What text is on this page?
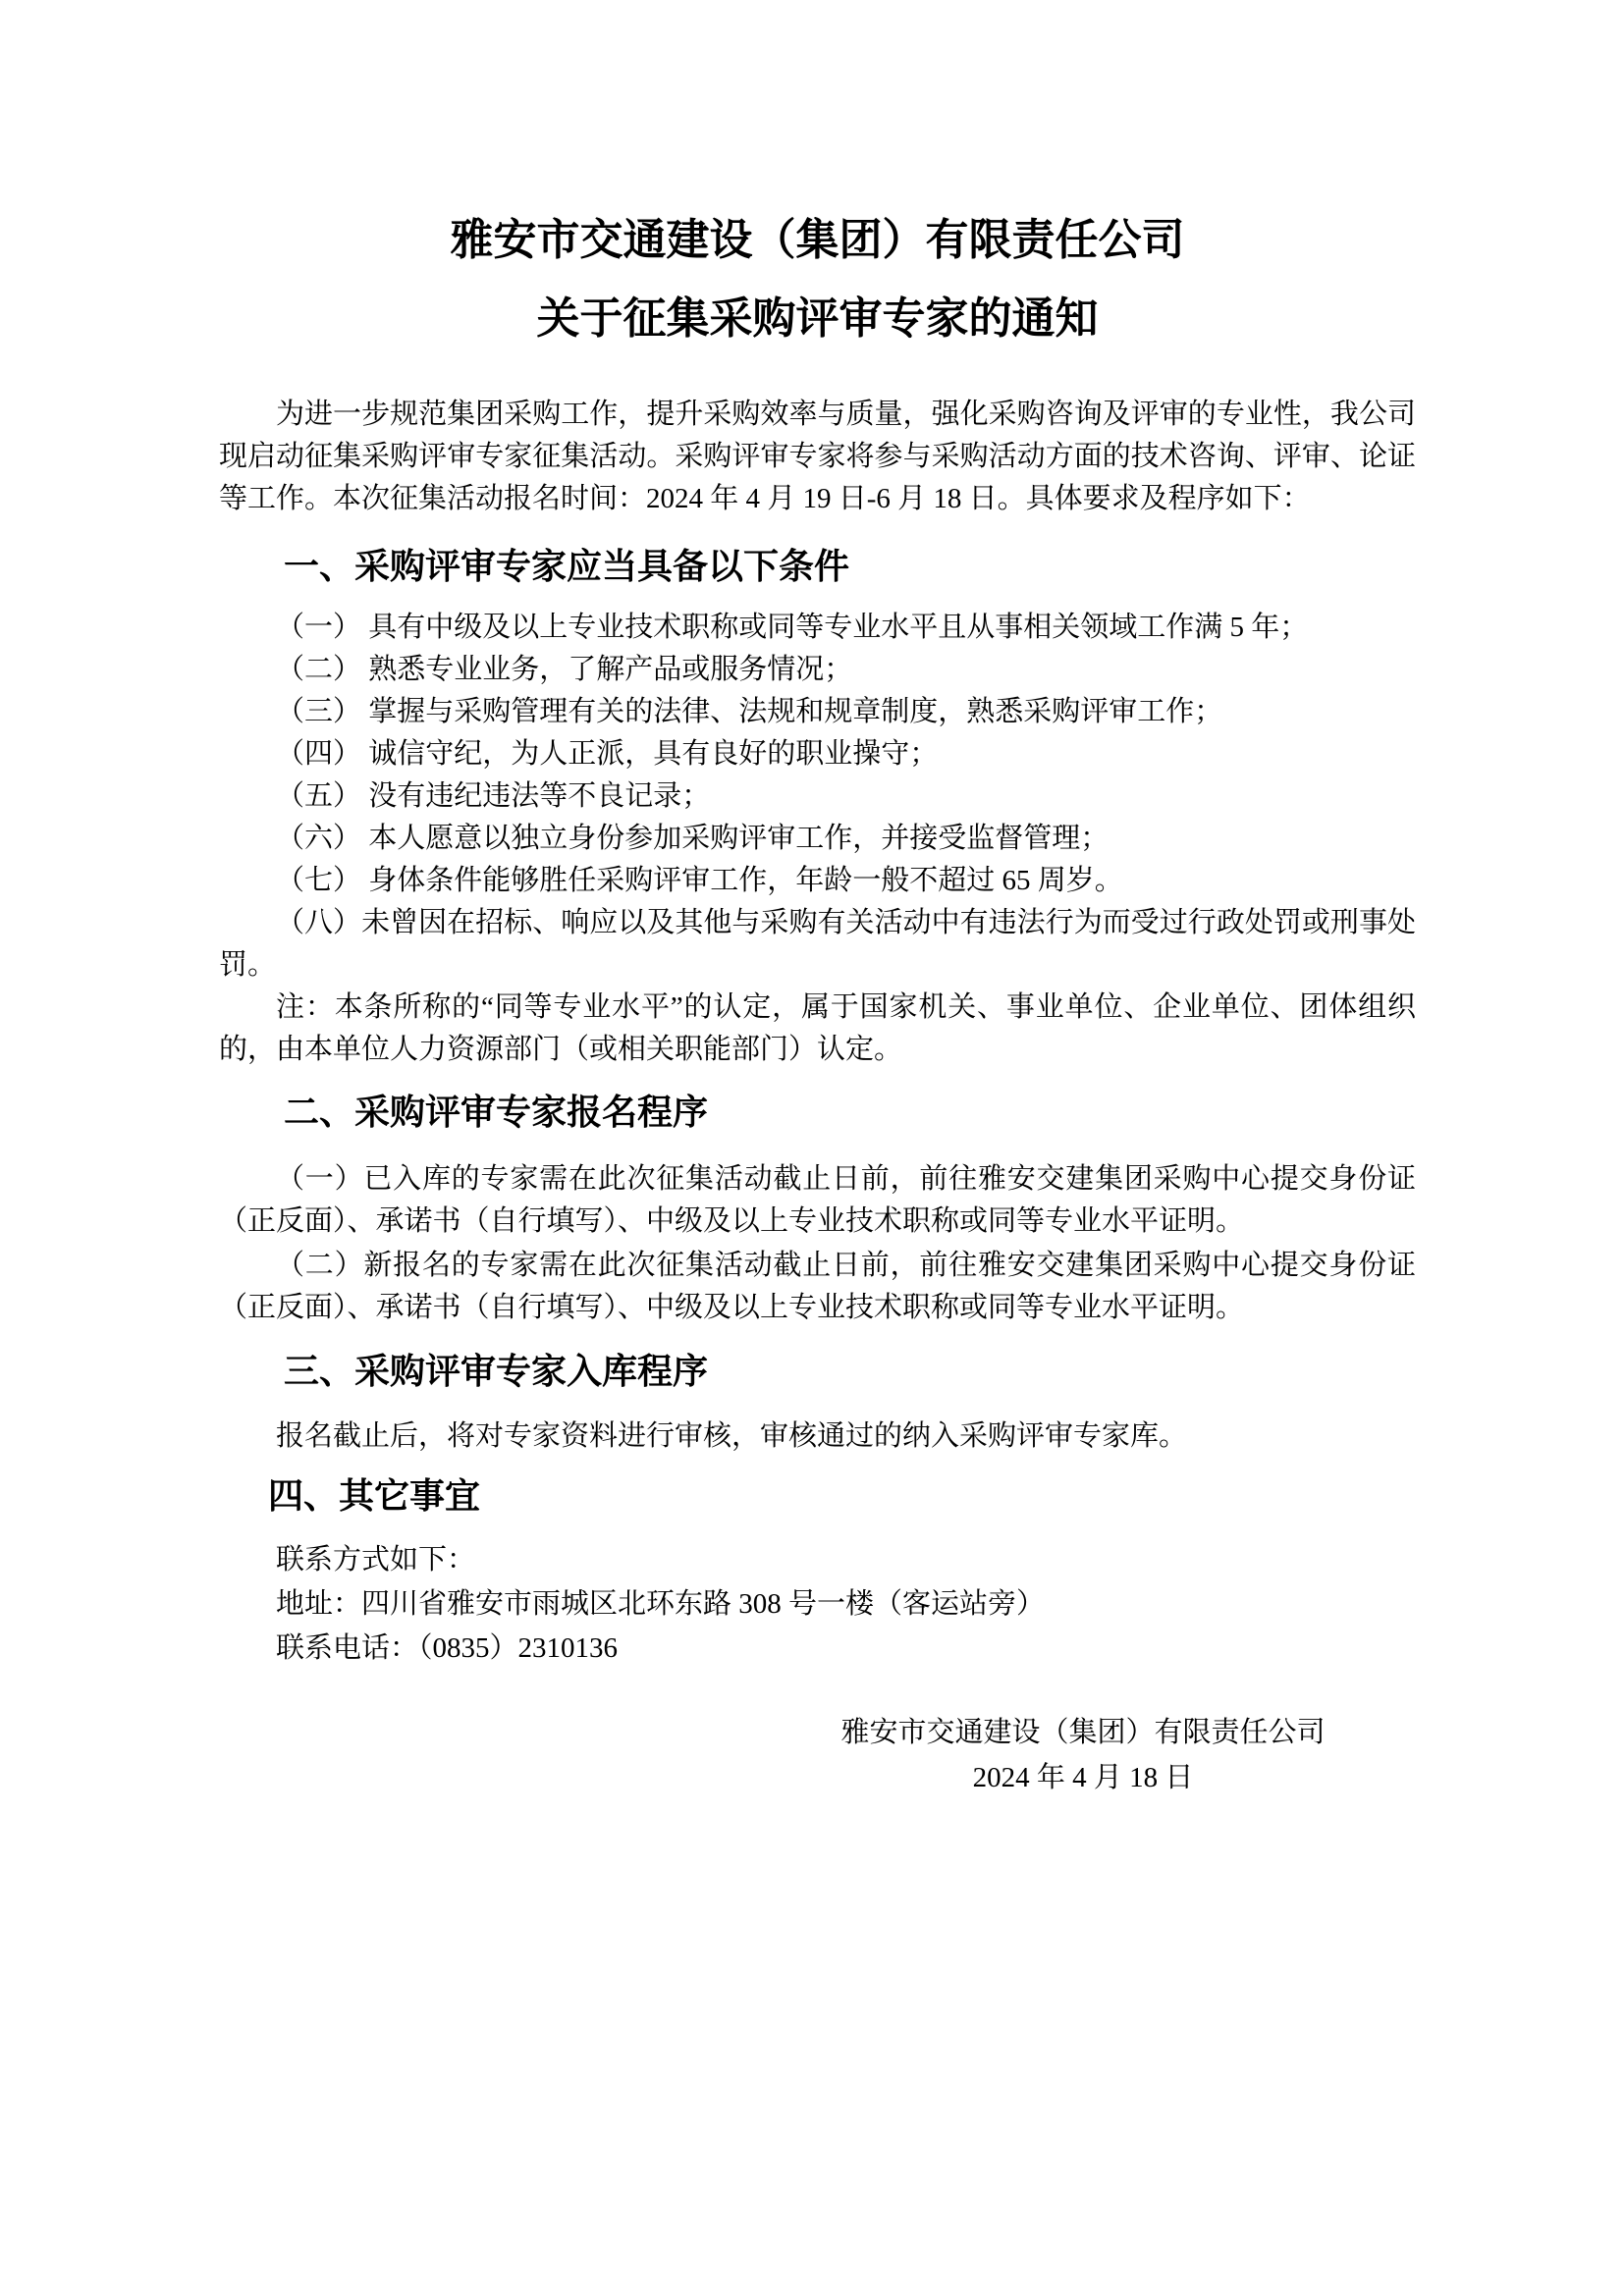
雅安市交通建设（集团）有限责任公司
关于征集采购评审专家的通知

为进一步规范集团采购工作，提升采购效率与质量，强化采购咨询及评审的专业性，我公司现启动征集采购评审专家征集活动。采购评审专家将参与采购活动方面的技术咨询、评审、论证等工作。本次征集活动报名时间：2024 年 4 月 19 日-6 月 18 日。具体要求及程序如下：

一、采购评审专家应当具备以下条件

（一） 具有中级及以上专业技术职称或同等专业水平且从事相关领域工作满 5 年；

（二） 熟悉专业业务，了解产品或服务情况；

（三） 掌握与采购管理有关的法律、法规和规章制度，熟悉采购评审工作；

（四） 诚信守纪，为人正派，具有良好的职业操守；

（五） 没有违纪违法等不良记录；

（六） 本人愿意以独立身份参加采购评审工作，并接受监督管理；

（七） 身体条件能够胜任采购评审工作，年龄一般不超过 65 周岁。

（八）未曾因在招标、响应以及其他与采购有关活动中有违法行为而受过行政处罚或刑事处罚。

注：本条所称的“同等专业水平”的认定，属于国家机关、事业单位、企业单位、团体组织的，由本单位人力资源部门（或相关职能部门）认定。

二、采购评审专家报名程序

（一）已入库的专家需在此次征集活动截止日前，前往雅安交建集团采购中心提交身份证（正反面）、承诺书（自行填写）、中级及以上专业技术职称或同等专业水平证明。

（二）新报名的专家需在此次征集活动截止日前，前往雅安交建集团采购中心提交身份证（正反面）、承诺书（自行填写）、中级及以上专业技术职称或同等专业水平证明。

三、采购评审专家入库程序

报名截止后，将对专家资料进行审核，审核通过的纳入采购评审专家库。

四、其它事宜

联系方式如下：

地址：四川省雅安市雨城区北环东路 308 号一楼（客运站旁）

联系电话：（0835）2310136

雅安市交通建设（集团）有限责任公司

2024 年 4 月 18 日
